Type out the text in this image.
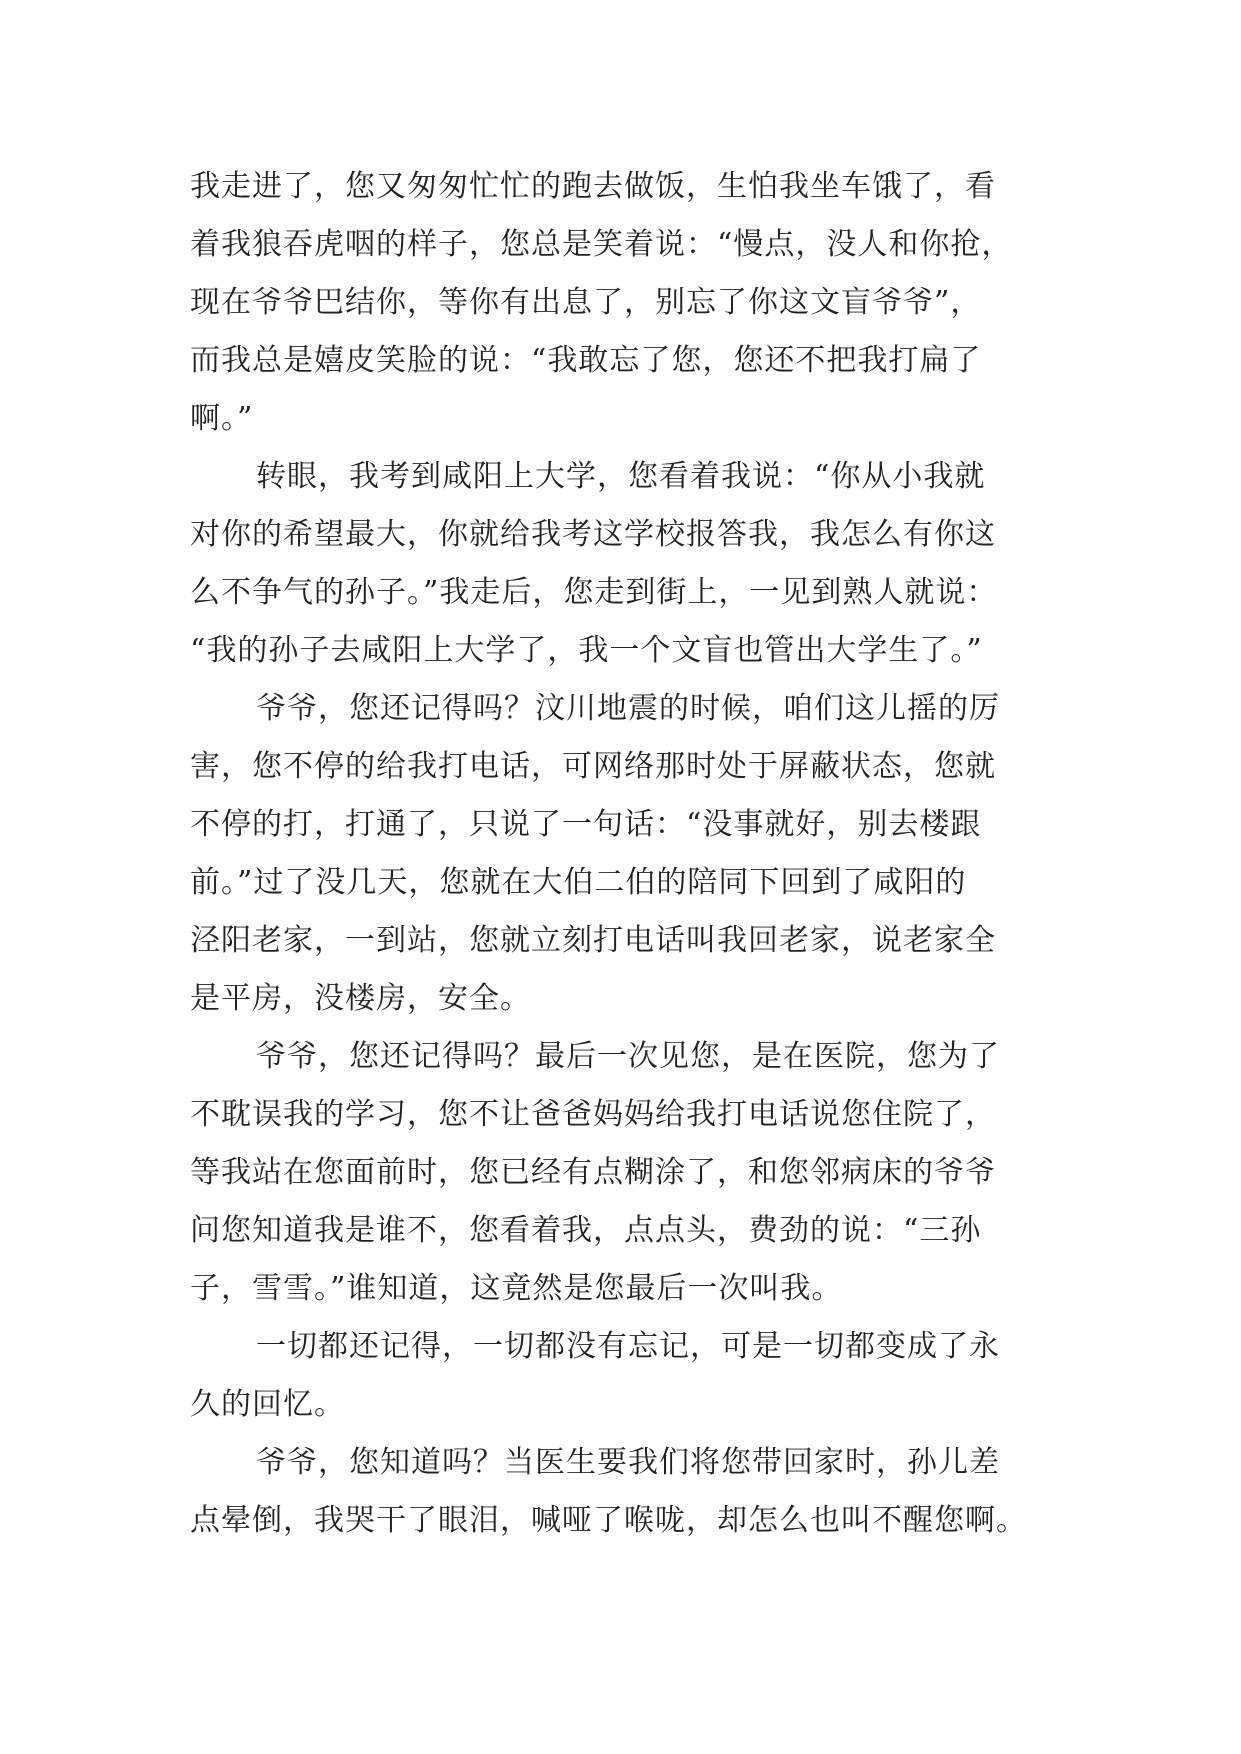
我走进了，您又匆匆忙忙的跑去做饭，生怕我坐车饿了，看
着我狼吞虎咽的样子，您总是笑着说：“慢点，没人和你抢，
现在爷爷巴结你，等你有出息了，别忘了你这文盲爷爷”，
而我总是嬉皮笑脸的说：“我敢忘了您，您还不把我打扁了
啊。”
转眼，我考到咸阳上大学，您看着我说：“你从小我就
对你的希望最大，你就给我考这学校报答我，我怎么有你这
么不争气的孙子。”我走后，您走到街上，一见到熟人就说：
“我的孙子去咸阳上大学了，我一个文盲也管出大学生了。”
爷爷，您还记得吗？汶川地震的时候，咱们这儿摇的厉
害，您不停的给我打电话，可网络那时处于屏蔽状态，您就
不停的打，打通了，只说了一句话：“没事就好，别去楼跟
前。”过了没几天，您就在大伯二伯的陪同下回到了咸阳的
泾阳老家，一到站，您就立刻打电话叫我回老家，说老家全
是平房，没楼房，安全。
爷爷，您还记得吗？最后一次见您，是在医院，您为了
不耽误我的学习，您不让爸爸妈妈给我打电话说您住院了，
等我站在您面前时，您已经有点糊涂了，和您邻病床的爷爷
问您知道我是谁不，您看着我，点点头，费劲的说：“三孙
子，雪雪。”谁知道，这竟然是您最后一次叫我。
一切都还记得，一切都没有忘记，可是一切都变成了永
久的回忆。
爷爷，您知道吗？当医生要我们将您带回家时，孙儿差
点晕倒，我哭干了眼泪，喊哑了喉咙，却怎么也叫不醒您啊。
